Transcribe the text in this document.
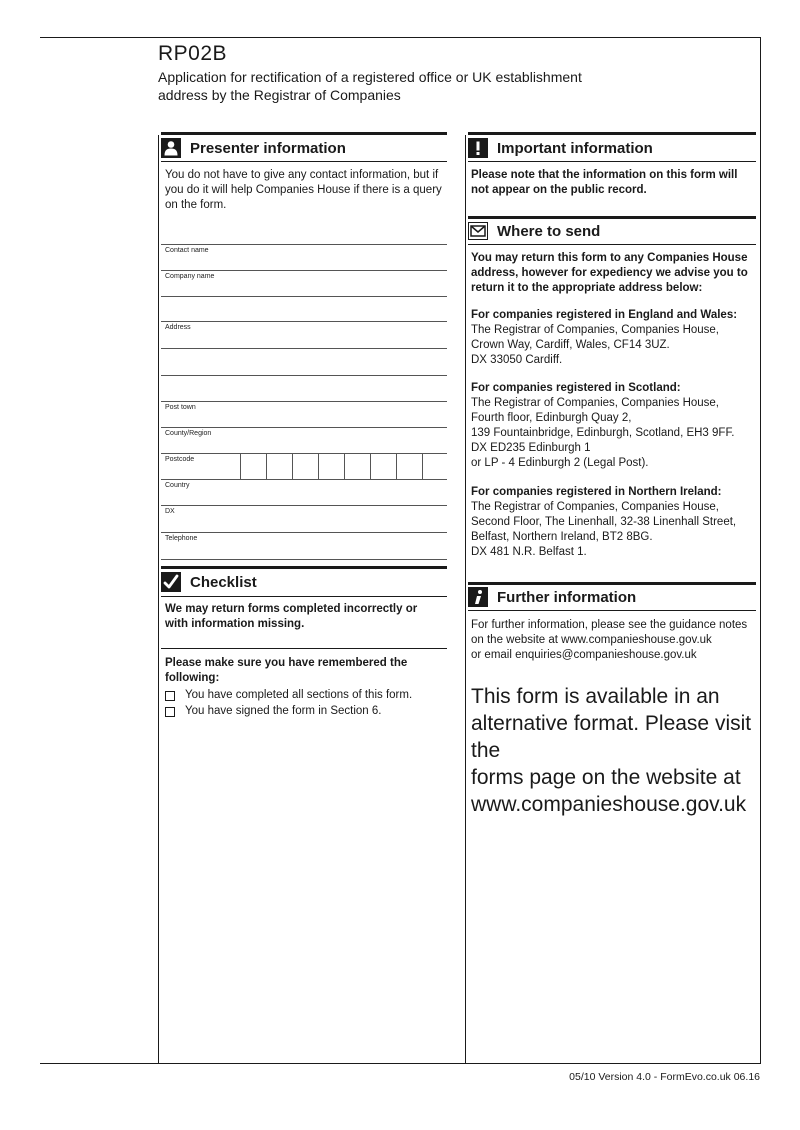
RP02B
Application for rectification of a registered office or UK establishment
address by the Registrar of Companies
Presenter information
You do not have to give any contact information, but if
you do it will help Companies House if there is a query
on the form.
Contact name
Company name
Address
Post town
County/Region
Postcode
Country
DX
Telephone
Checklist
We may return forms completed incorrectly or
with information missing.
Please make sure you have remembered the
following:
You have completed all sections of this form.
You have signed the form in Section 6.
Important information
Please note that the information on this form will
not appear on the public record.
Where to send
You may return this form to any Companies House
address, however for expediency we advise you to
return it to the appropriate address below:
For companies registered in England and Wales:
The Registrar of Companies, Companies House,
Crown Way, Cardiff, Wales, CF14 3UZ.
DX 33050 Cardiff.
For companies registered in Scotland:
The Registrar of Companies, Companies House,
Fourth floor, Edinburgh Quay 2,
139 Fountainbridge, Edinburgh, Scotland, EH3 9FF.
DX ED235 Edinburgh 1
or LP - 4 Edinburgh 2 (Legal Post).
For companies registered in Northern Ireland:
The Registrar of Companies, Companies House,
Second Floor, The Linenhall, 32-38 Linenhall Street,
Belfast, Northern Ireland, BT2 8BG.
DX 481 N.R. Belfast 1.
Further information
For further information, please see the guidance notes
on the website at www.companieshouse.gov.uk
or email enquiries@companieshouse.gov.uk
This form is available in an
alternative format. Please visit the
forms page on the website at
www.companieshouse.gov.uk
05/10 Version 4.0 - FormEvo.co.uk 06.16
